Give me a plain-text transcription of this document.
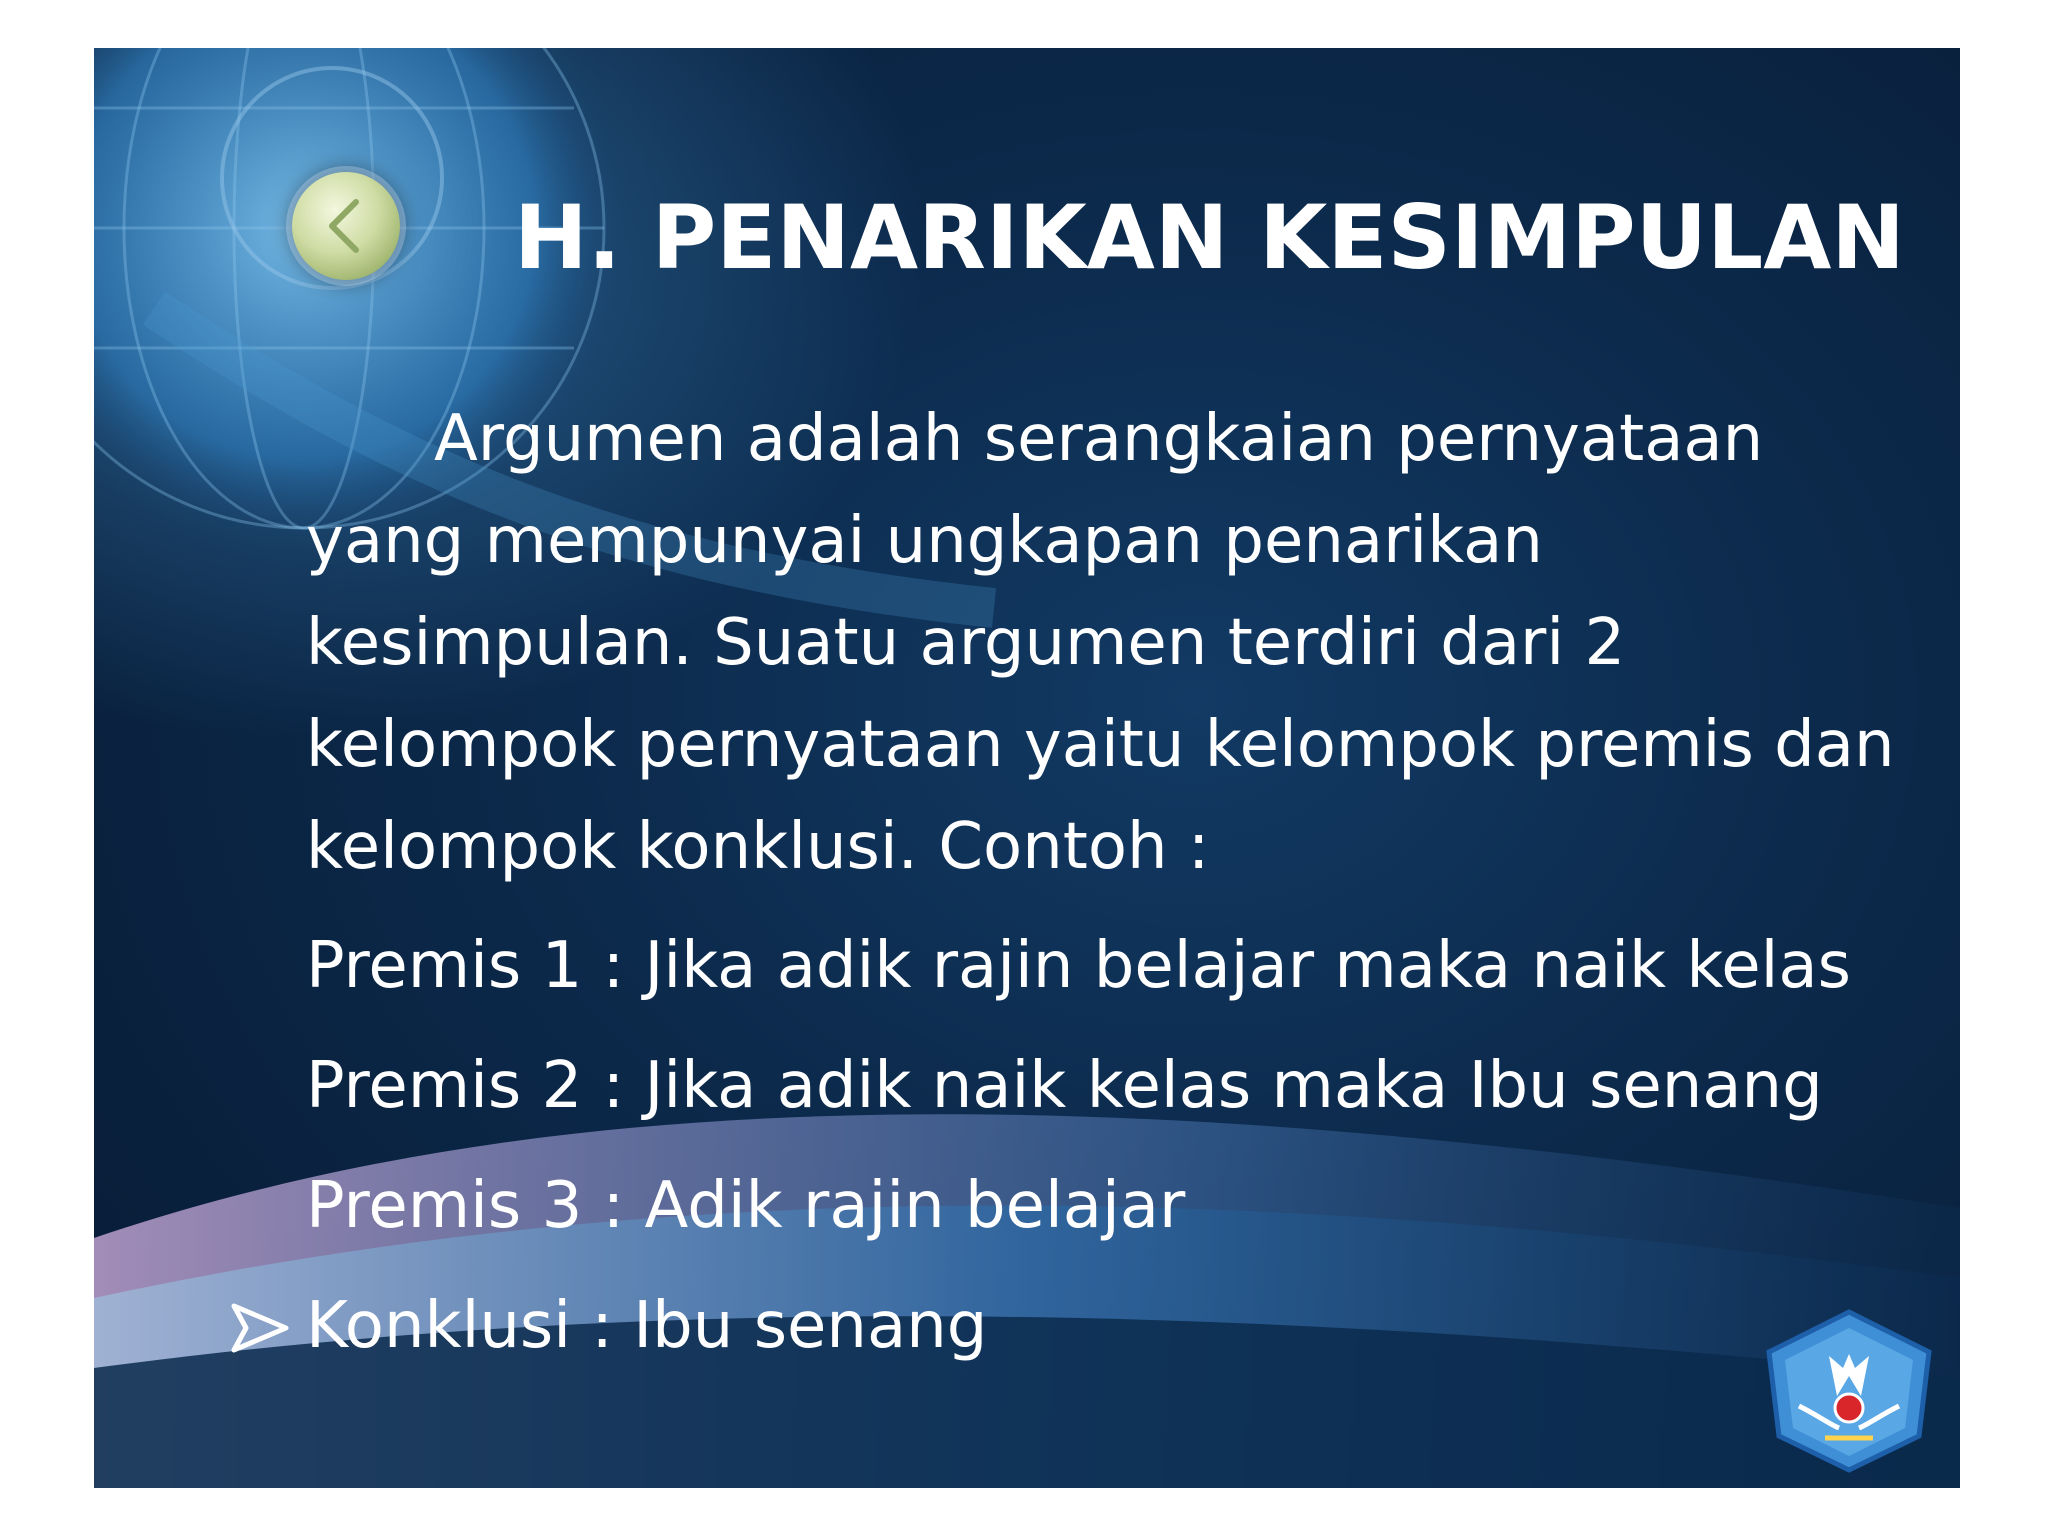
H. PENARIKAN KESIMPULAN

Argumen adalah serangkaian pernyataan yang mempunyai ungkapan penarikan kesimpulan. Suatu argumen terdiri dari 2 kelompok pernyataan yaitu kelompok premis dan kelompok konklusi. Contoh :

Premis 1 : Jika adik rajin belajar maka naik kelas
Premis 2 : Jika adik naik kelas maka Ibu senang
Premis 3 : Adik rajin belajar
Konklusi : Ibu senang
